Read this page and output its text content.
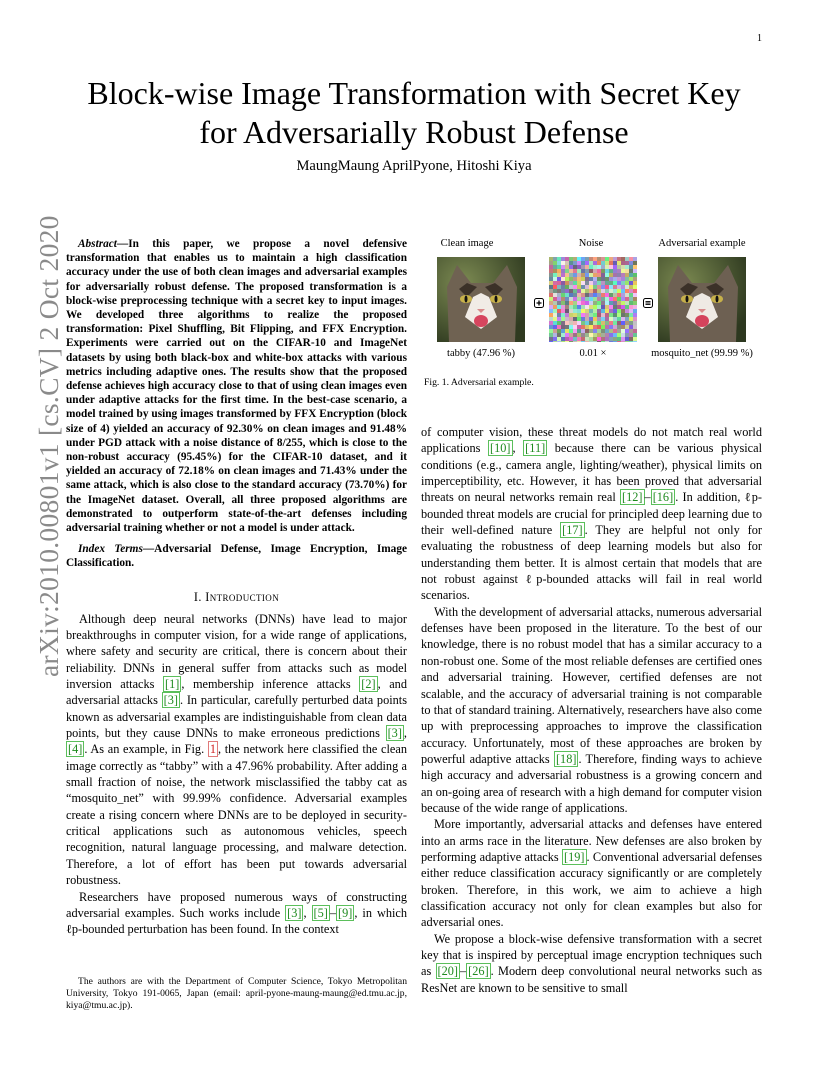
1
arXiv:2010.00801v1 [cs.CV] 2 Oct 2020
Block-wise Image Transformation with Secret Key
for Adversarially Robust Defense
MaungMaung AprilPyone, Hitoshi Kiya

Abstract—In this paper, we propose a novel defensive transformation that enables us to maintain a high classification accuracy under the use of both clean images and adversarial examples for adversarially robust defense. The proposed transformation is a block-wise preprocessing technique with a secret key to input images. We developed three algorithms to realize the proposed transformation: Pixel Shuffling, Bit Flipping, and FFX Encryption. Experiments were carried out on the CIFAR-10 and ImageNet datasets by using both black-box and white-box attacks with various metrics including adaptive ones. The results show that the proposed defense achieves high accuracy close to that of using clean images even under adaptive attacks for the first time. In the best-case scenario, a model trained by using images transformed by FFX Encryption (block size of 4) yielded an accuracy of 92.30% on clean images and 91.48% under PGD attack with a noise distance of 8/255, which is close to the non-robust accuracy (95.45%) for the CIFAR-10 dataset, and it yielded an accuracy of 72.18% on clean images and 71.43% under the same attack, which is also close to the standard accuracy (73.70%) for the ImageNet dataset. Overall, all three proposed algorithms are demonstrated to outperform state-of-the-art defenses including adversarial training whether or not a model is under attack.

Index Terms—Adversarial Defense, Image Encryption, Image Classification.

I. Introduction

Although deep neural networks (DNNs) have lead to major breakthroughs in computer vision, for a wide range of applications, where safety and security are critical, there is concern about their reliability. DNNs in general suffer from attacks such as model inversion attacks [1] , membership inference attacks [2] , and adversarial attacks [3] . In particular, carefully perturbed data points known as adversarial examples are indistinguishable from clean data points, but they cause DNNs to make erroneous predictions [3] , [4] . As an example, in Fig. 1 , the network here classified the clean image correctly as “tabby” with a 47.96% probability. After adding a small fraction of noise, the network misclassified the tabby cat as “mosquito_net” with 99.99% confidence. Adversarial examples create a rising concern where DNNs are to be deployed in security-critical applications such as autonomous vehicles, speech recognition, natural language processing, and malware detection. Therefore, a lot of effort has been put towards adversarial robustness.

Researchers have proposed numerous ways of constructing adversarial examples. Such works include [3] , [5] – [9] , in which ℓp-bounded perturbation has been found. In the context

The authors are with the Department of Computer Science, Tokyo Metropolitan University, Tokyo 191-0065, Japan (email: april-pyone-maung-maung@ed.tmu.ac.jp, kiya@tmu.ac.jp).
Clean image	Noise	Adversarial example
tabby (47.96 %)	0.01 ×	mosquito_net (99.99 %)
Fig. 1. Adversarial example.

of computer vision, these threat models do not match real world applications [10] , [11] because there can be various physical conditions (e.g., camera angle, lighting/weather), physical limits on imperceptibility, etc. However, it has been proved that adversarial threats on neural networks remain real [12] – [16] . In addition, ℓp-bounded threat models are crucial for principled deep learning due to their well-defined nature [17] . They are helpful not only for evaluating the robustness of deep learning models but also for understanding them better. It is almost certain that models that are not robust against ℓp-bounded attacks will fail in real world scenarios.

With the development of adversarial attacks, numerous adversarial defenses have been proposed in the literature. To the best of our knowledge, there is no robust model that has a similar accuracy to a non-robust one. Some of the most reliable defenses are certified ones and adversarial training. However, certified defenses are not scalable, and the accuracy of adversarial training is not comparable to that of standard training. Alternatively, researchers have also come up with preprocessing approaches to improve the classification accuracy. Unfortunately, most of these approaches are broken by powerful adaptive attacks [18] . Therefore, finding ways to achieve high accuracy and adversarial robustness is a growing concern and an on-going area of research with a high demand for computer vision because of the wide range of applications.

More importantly, adversarial attacks and defenses have entered into an arms race in the literature. New defenses are also broken by performing adaptive attacks [19] . Conventional adversarial defenses either reduce classification accuracy significantly or are completely broken. Therefore, in this work, we aim to achieve a high classification accuracy not only for clean examples but also for adversarial ones.

We propose a block-wise defensive transformation with a secret key that is inspired by perceptual image encryption techniques such as [20] – [26] . Modern deep convolutional neural networks such as ResNet are known to be sensitive to small
